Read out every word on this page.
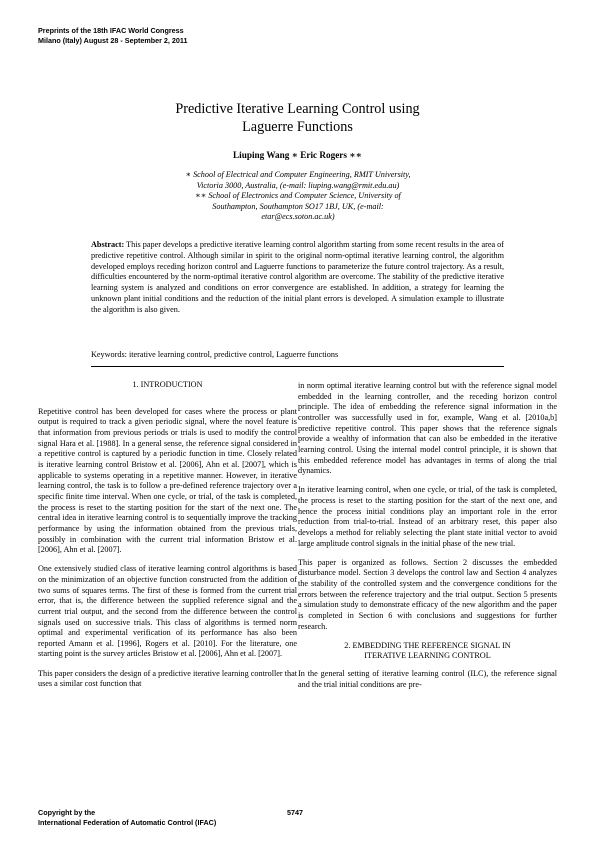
Preprints of the 18th IFAC World Congress
Milano (Italy) August 28 - September 2, 2011
Predictive Iterative Learning Control using
Laguerre Functions
Liuping Wang ∗ Eric Rogers ∗∗
∗ School of Electrical and Computer Engineering, RMIT University,
Victoria 3000, Australia, (e-mail: liuping.wang@rmit.edu.au)
∗∗ School of Electronics and Computer Science, University of
Southampton, Southampton SO17 1BJ, UK, (e-mail:
etar@ecs.soton.ac.uk)
Abstract: This paper develops a predictive iterative learning control algorithm starting from some recent results in the area of predictive repetitive control. Although similar in spirit to the original norm-optimal iterative learning control, the algorithm developed employs receding horizon control and Laguerre functions to parameterize the future control trajectory. As a result, difficulties encountered by the norm-optimal iterative control algorithm are overcome. The stability of the predictive iterative learning system is analyzed and conditions on error convergence are established. In addition, a strategy for learning the unknown plant initial conditions and the reduction of the initial plant errors is developed. A simulation example to illustrate the algorithm is also given.
Keywords: iterative learning control, predictive control, Laguerre functions
1. INTRODUCTION

Repetitive control has been developed for cases where the process or plant output is required to track a given periodic signal, where the novel feature is that information from previous periods or trials is used to modify the control signal Hara et al. [1988]. In a general sense, the reference signal considered in a repetitive control is captured by a periodic function in time. Closely related is iterative learning control Bristow et al. [2006], Ahn et al. [2007], which is applicable to systems operating in a repetitive manner. However, in iterative learning control, the task is to follow a pre-defined reference trajectory over a specific finite time interval. When one cycle, or trial, of the task is completed, the process is reset to the starting position for the start of the next one. The central idea in iterative learning control is to sequentially improve the tracking performance by using the information obtained from the previous trials, possibly in combination with the current trial information Bristow et al. [2006], Ahn et al. [2007].

One extensively studied class of iterative learning control algorithms is based on the minimization of an objective function constructed from the addition of two sums of squares terms. The first of these is formed from the current trial error, that is, the difference between the supplied reference signal and the current trial output, and the second from the difference between the control signals used on successive trials. This class of algorithms is termed norm optimal and experimental verification of its performance has also been reported Amann et al. [1996], Rogers et al. [2010]. For the literature, one starting point is the survey articles Bristow et al. [2006], Ahn et al. [2007].

This paper considers the design of a predictive iterative learning controller that uses a similar cost function that

in norm optimal iterative learning control but with the reference signal model embedded in the learning controller, and the receding horizon control principle. The idea of embedding the reference signal information in the controller was successfully used in for, example, Wang et al. [2010a,b] predictive repetitive control. This paper shows that the reference signals provide a wealthy of information that can also be embedded in the iterative learning control. Using the internal model control principle, it is shown that this embedded reference model has advantages in terms of along the trial dynamics.

In iterative learning control, when one cycle, or trial, of the task is completed, the process is reset to the starting position for the start of the next one, and hence the process initial conditions play an important role in the error reduction from trial-to-trial. Instead of an arbitrary reset, this paper also develops a method for reliably selecting the plant state initial vector to avoid large amplitude control signals in the initial phase of the new trial.

This paper is organized as follows. Section 2 discusses the embedded disturbance model. Section 3 develops the control law and Section 4 analyzes the stability of the controlled system and the convergence conditions for the errors between the reference trajectory and the trial output. Section 5 presents a simulation study to demonstrate efficacy of the new algorithm and the paper is completed in Section 6 with conclusions and suggestions for further research.

2. EMBEDDING THE REFERENCE SIGNAL IN
ITERATIVE LEARNING CONTROL

In the general setting of iterative learning control (ILC), the reference signal and the trial initial conditions are pre-

Copyright by the
International Federation of Automatic Control (IFAC)
5747
